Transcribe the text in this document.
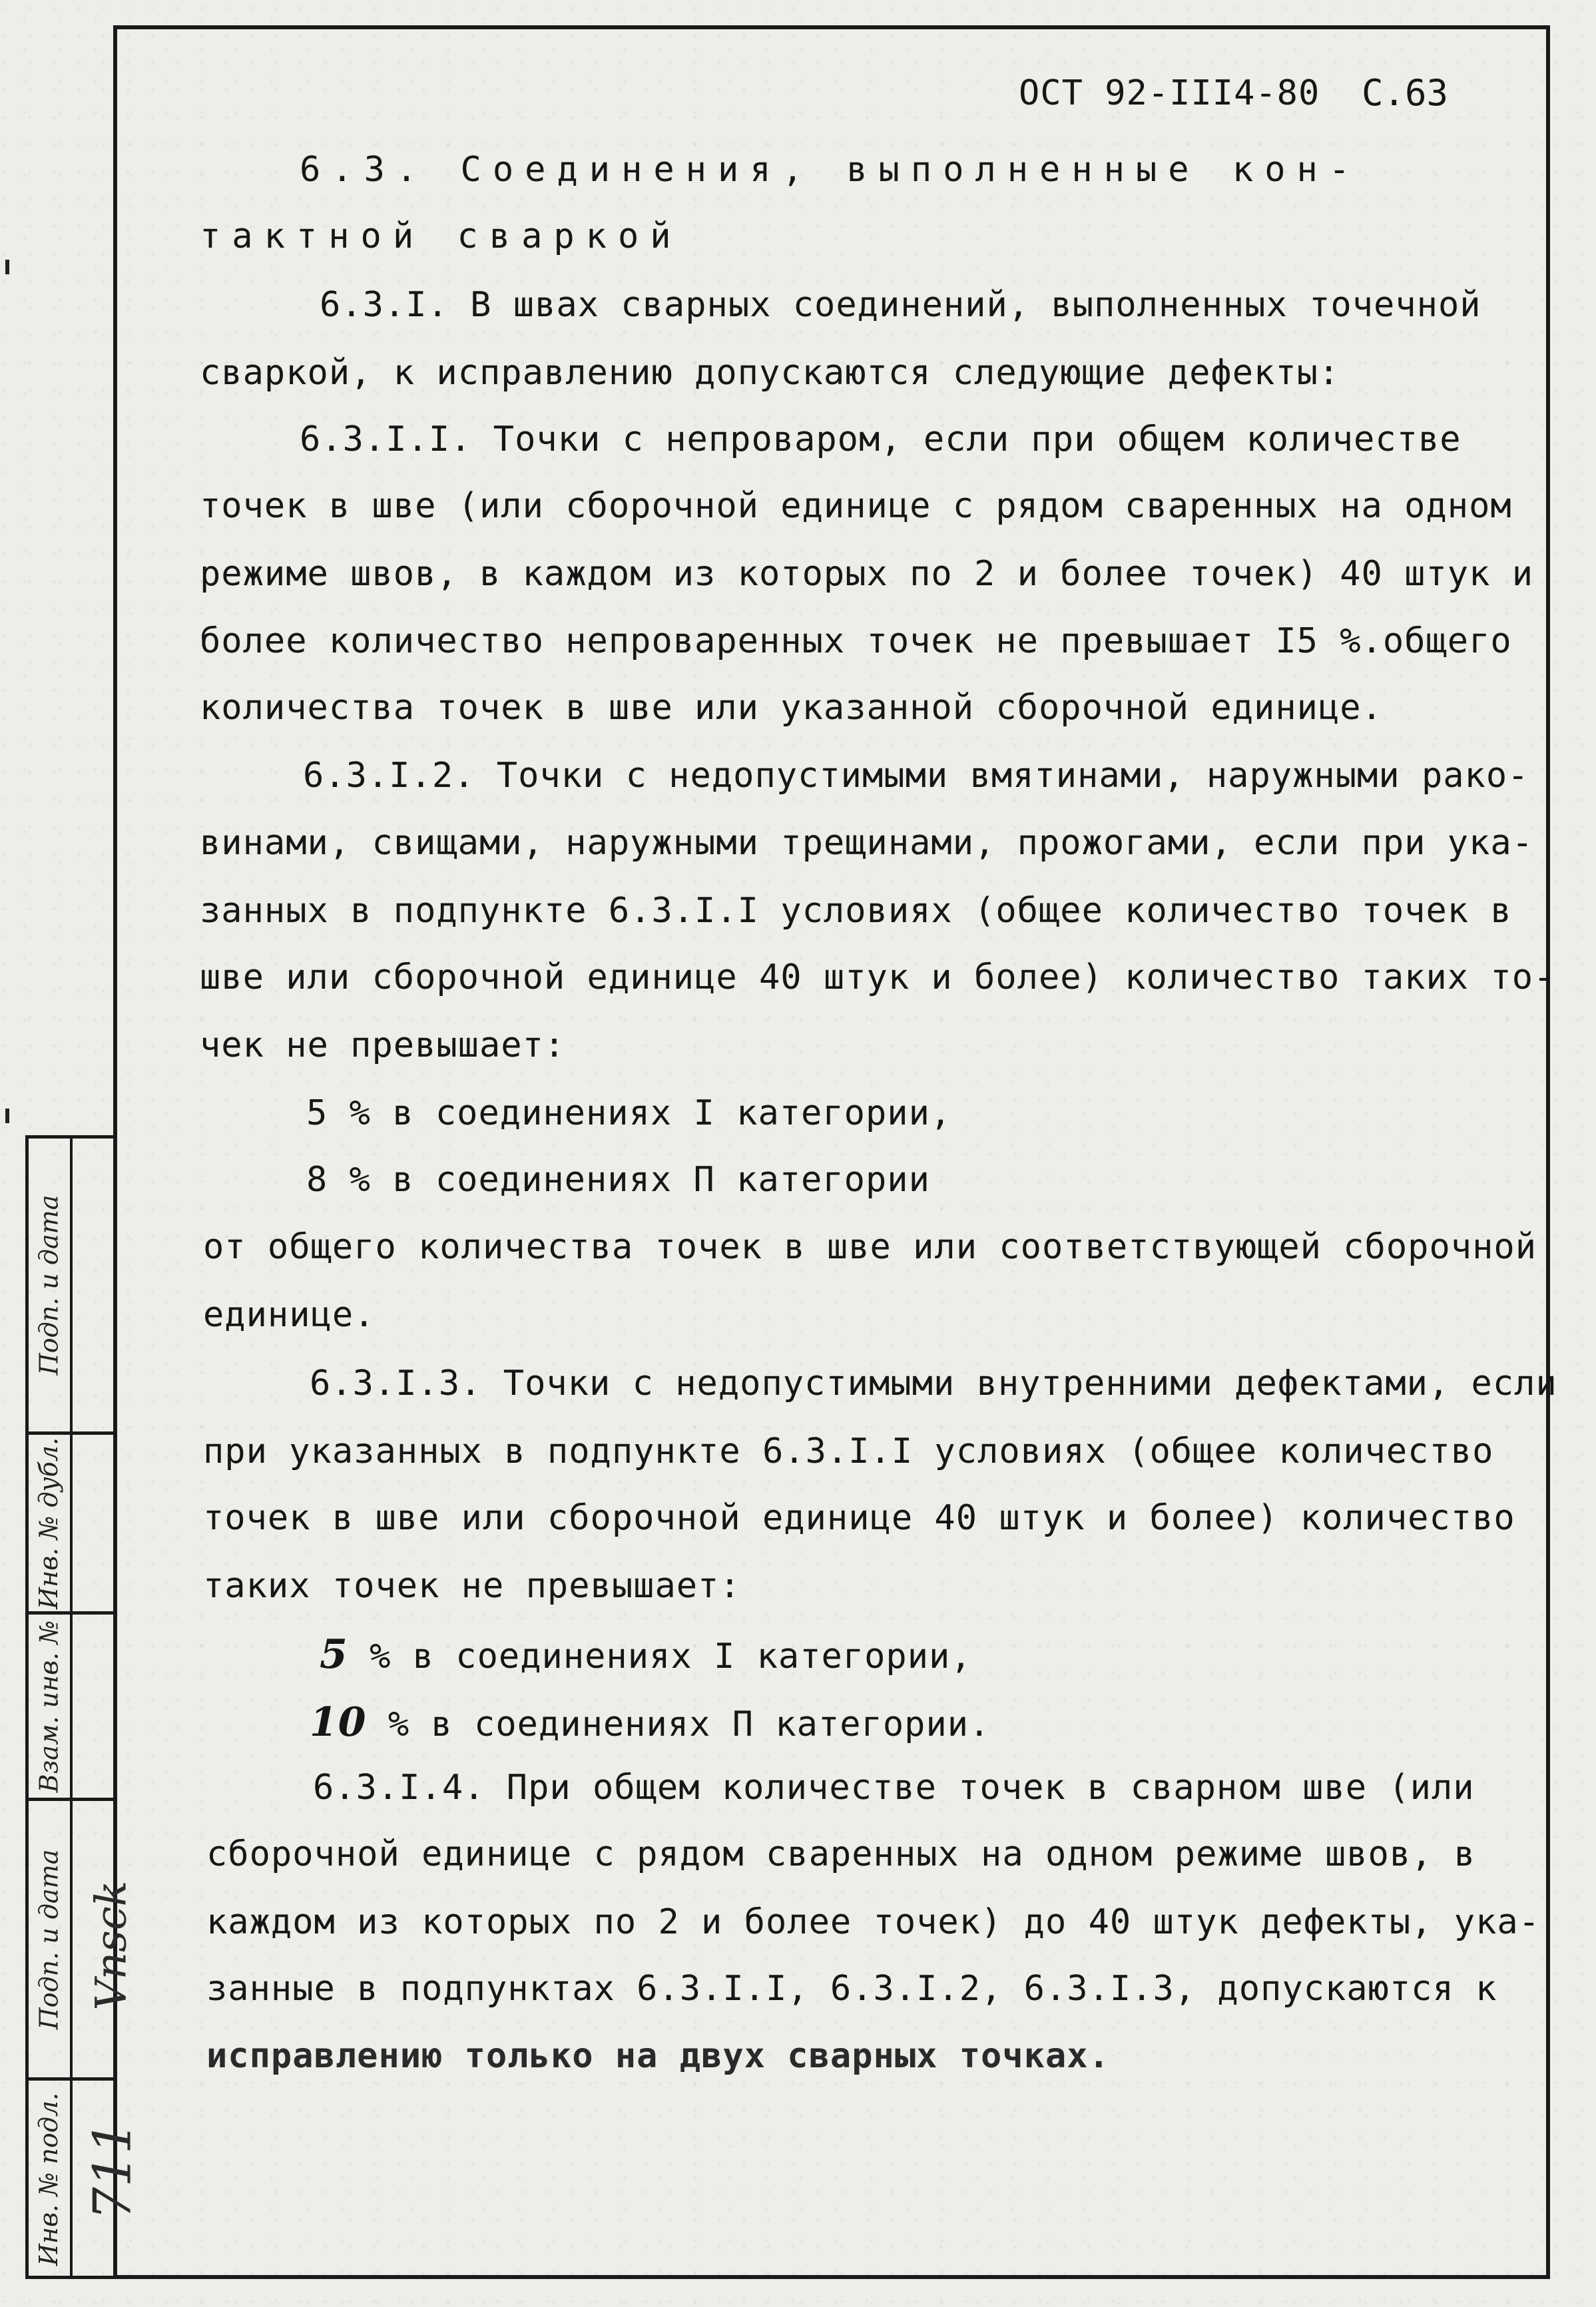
Подп. и дата
Инв. № дубл.
Взам. инв. №
Подп. и дата
Инв. № подл.
Vnsck
711
ОСТ 92-III4-80 С.63
6.3. Соединения, выполненные кон-
тактной сваркой
6.3.I. В швах сварных соединений, выполненных точечной
сваркой, к исправлению допускаются следующие дефекты:
6.3.I.I. Точки с непроваром, если при общем количестве
точек в шве (или сборочной единице с рядом сваренных на одном
режиме швов, в каждом из которых по 2 и более точек) 40 штук и
более количество непроваренных точек не превышает I5 %.общего
количества точек в шве или указанной сборочной единице.
6.3.I.2. Точки с недопустимыми вмятинами, наружными рако-
винами, свищами, наружными трещинами, прожогами, если при ука-
занных в подпункте 6.3.I.I условиях (общее количество точек в
шве или сборочной единице 40 штук и более) количество таких то-
чек не превышает:
5 % в соединениях I категории,
8 % в соединениях П категории
от общего количества точек в шве или соответствующей сборочной
единице.
6.3.I.3. Точки с недопустимыми внутренними дефектами, если
при указанных в подпункте 6.3.I.I условиях (общее количество
точек в шве или сборочной единице 40 штук и более) количество
таких точек не превышает:
5 % в соединениях I категории,
10 % в соединениях П категории.
6.3.I.4. При общем количестве точек в сварном шве (или
сборочной единице с рядом сваренных на одном режиме швов, в
каждом из которых по 2 и более точек) до 40 штук дефекты, ука-
занные в подпунктах 6.3.I.I, 6.3.I.2, 6.3.I.3, допускаются к
исправлению только на двух сварных точках.
